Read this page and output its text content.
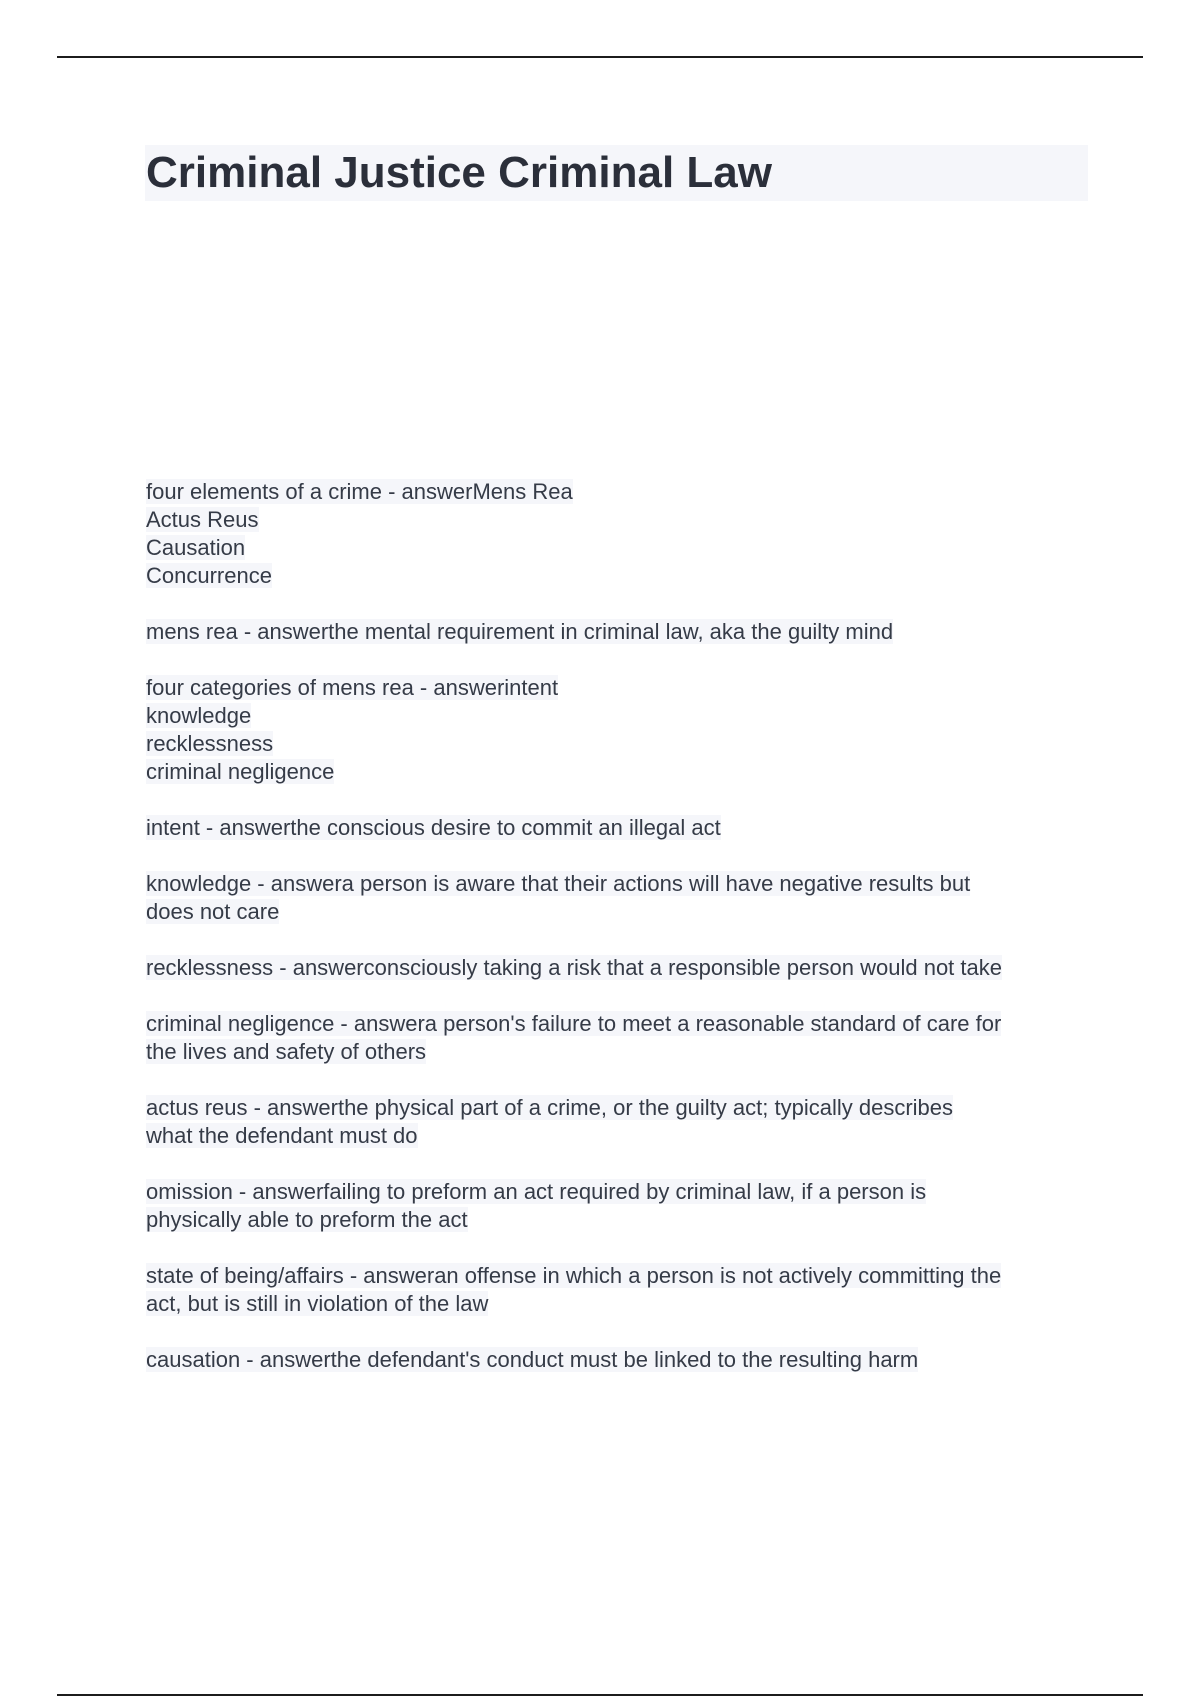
Criminal Justice Criminal Law
four elements of a crime - answerMens Rea
Actus Reus
Causation
Concurrence
mens rea - answerthe mental requirement in criminal law, aka the guilty mind
four categories of mens rea - answerintent
knowledge
recklessness
criminal negligence
intent - answerthe conscious desire to commit an illegal act
knowledge - answera person is aware that their actions will have negative results but
does not care
recklessness - answerconsciously taking a risk that a responsible person would not take
criminal negligence - answera person's failure to meet a reasonable standard of care for
the lives and safety of others
actus reus - answerthe physical part of a crime, or the guilty act; typically describes
what the defendant must do
omission - answerfailing to preform an act required by criminal law, if a person is
physically able to preform the act
state of being/affairs - answeran offense in which a person is not actively committing the
act, but is still in violation of the law
causation - answerthe defendant's conduct must be linked to the resulting harm
